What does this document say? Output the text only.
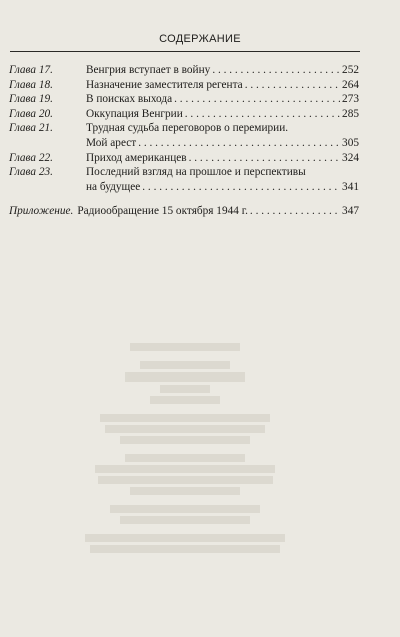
СОДЕРЖАНИЕ
Глава 17.	Венгрия вступает в войну . . .	252
Глава 18.	Назначение заместителя регента . . .	264
Глава 19.	В поисках выхода . . .	273
Глава 20.	Оккупация Венгрии . . .	285
Глава 21.	Трудная судьба переговоров о перемирии.
Мой арест . . .	305
Глава 22.	Приход американцев . . .	324
Глава 23.	Последний взгляд на прошлое и перспективы
на будущее . . .	341
Приложение. Радиообращение 15 октября 1944 г. . . .	347
